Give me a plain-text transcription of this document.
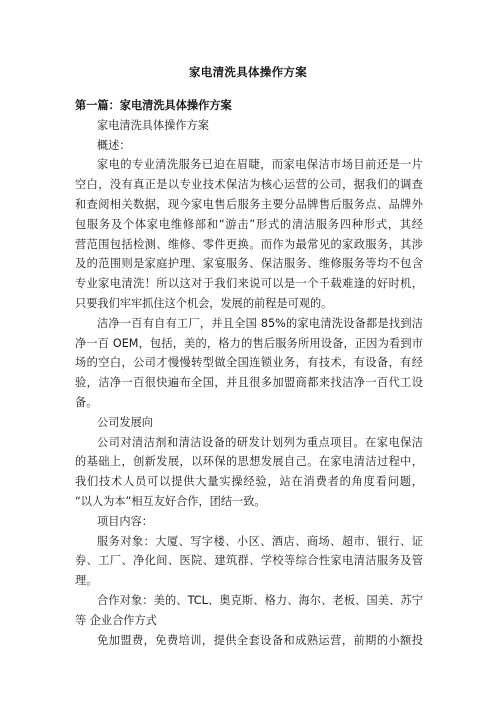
家电清洗具体操作方案
第一篇：家电清洗具体操作方案
家电清洗具体操作方案
概述：
家电的专业清洗服务已迫在眉睫，而家电保洁市场目前还是一片
空白，没有真正是以专业技术保洁为核心运营的公司，据我们的调查
和查阅相关数据，现今家电售后服务主要分品牌售后服务点、品牌外
包服务及个体家电维修部和“游击”形式的清洁服务四种形式，其经
营范围包括检测、维修、零件更换。而作为最常见的家政服务，其涉
及的范围则是家庭护理、家宴服务、保洁服务、维修服务等均不包含
专业家电清洗！所以这对于我们来说可以是一个千载难逢的好时机，
只要我们牢牢抓住这个机会，发展的前程是可观的。
洁净一百有自有工厂，并且全国 85%的家电清洗设备都是找到洁
净一百 OEM，包括，美的，格力的售后服务所用设备，正因为看到市
场的空白，公司才慢慢转型做全国连锁业务，有技术，有设备，有经
验，洁净一百很快遍布全国，并且很多加盟商都来找洁净一百代工设
备。
公司发展向
公司对清洁剂和清洁设备的研发计划列为重点项目。在家电保洁
的基础上，创新发展，以环保的思想发展自己。在家电清洁过程中，
我们技术人员可以提供大量实操经验，站在消费者的角度看问题，
“以人为本”相互友好合作，团结一致。
项目内容：
服务对象：大厦、写字楼、小区、酒店、商场、超市、银行、证
券、工厂、净化间、医院、建筑群、学校等综合性家电清洁服务及管
理。
合作对象：美的、TCL、奥克斯、格力、海尔、老板、国美、苏宁
等 企业合作方式
免加盟费，免费培训，提供全套设备和成熟运营，前期的小额投
